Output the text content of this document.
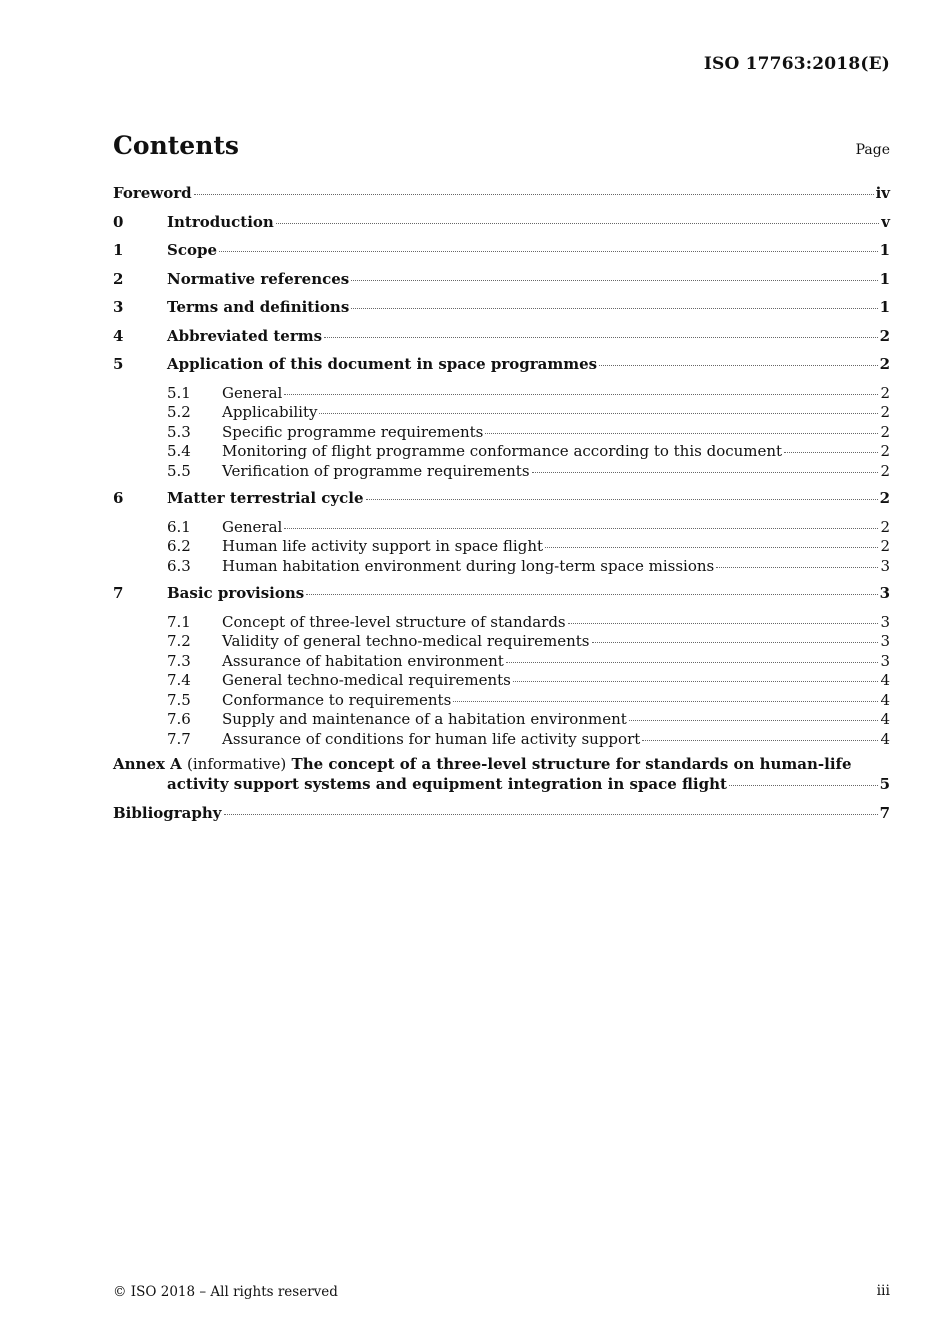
ISO 17763:2018(E)
Contents	Page
Foreword	iv
0	Introduction	v
1	Scope	1
2	Normative references	1
3	Terms and definitions	1
4	Abbreviated terms	2
5	Application of this document in space programmes	2
5.1	General	2
5.2	Applicability	2
5.3	Specific programme requirements	2
5.4	Monitoring of flight programme conformance according to this document	2
5.5	Verification of programme requirements	2
6	Matter terrestrial cycle	2
6.1	General	2
6.2	Human life activity support in space flight	2
6.3	Human habitation environment during long-term space missions	3
7	Basic provisions	3
7.1	Concept of three-level structure of standards	3
7.2	Validity of general techno-medical requirements	3
7.3	Assurance of habitation environment	3
7.4	General techno-medical requirements	4
7.5	Conformance to requirements	4
7.6	Supply and maintenance of a habitation environment	4
7.7	Assurance of conditions for human life activity support	4
Annex A (informative) The concept of a three-level structure for standards on human-life
activity support systems and equipment integration in space flight	5
Bibliography	7
© ISO 2018 – All rights reserved	iii
